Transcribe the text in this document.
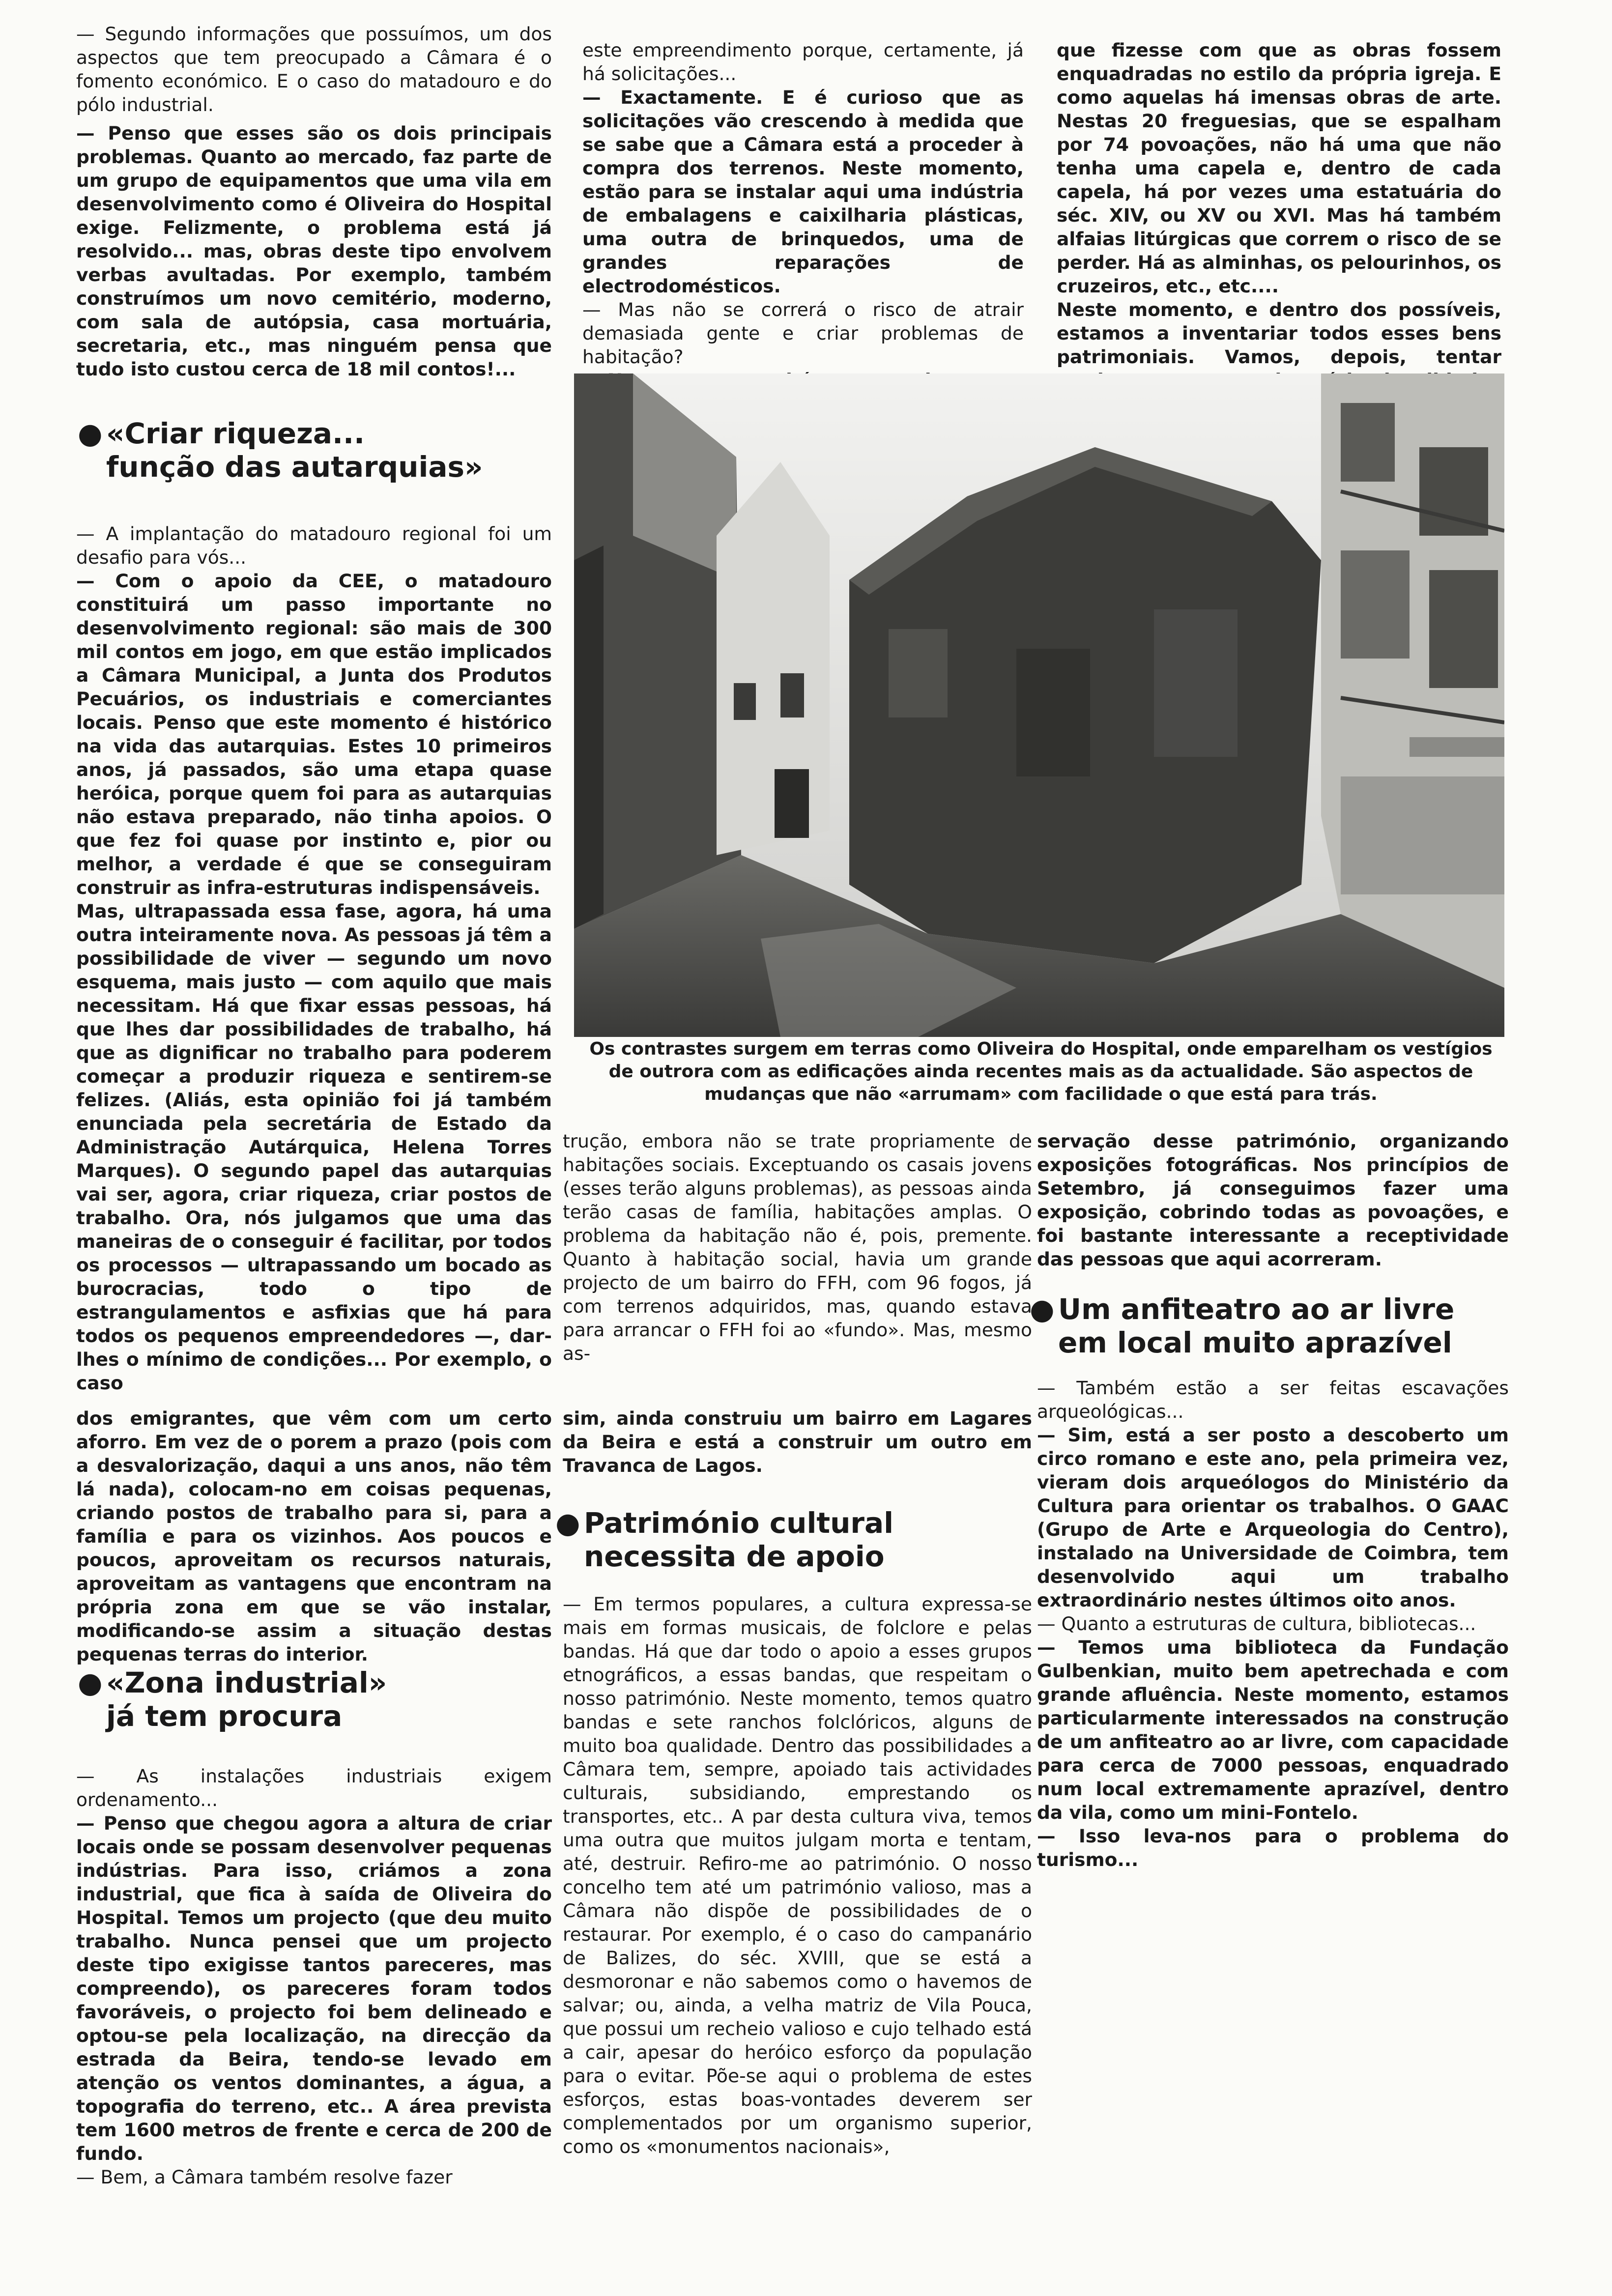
— Segundo informações que possuímos, um dos aspectos que tem preocupado a Câmara é o fomento económico. E o caso do matadouro e do pólo industrial.

— Penso que esses são os dois principais problemas. Quanto ao mercado, faz parte de um grupo de equipamentos que uma vila em desenvolvimento como é Oliveira do Hospital exige. Felizmente, o problema está já resolvido... mas, obras deste tipo envolvem verbas avultadas. Por exemplo, também construímos um novo cemitério, moderno, com sala de autópsia, casa mortuária, secretaria, etc., mas ninguém pensa que tudo isto custou cerca de 18 mil contos!...

● «Criar riqueza...
função das autarquias»

— A implantação do matadouro regional foi um desafio para vós...

— Com o apoio da CEE, o matadouro constituirá um passo importante no desenvolvimento regional: são mais de 300 mil contos em jogo, em que estão implicados a Câmara Municipal, a Junta dos Produtos Pecuários, os industriais e comerciantes locais. Penso que este momento é histórico na vida das autarquias. Estes 10 primeiros anos, já passados, são uma etapa quase heróica, porque quem foi para as autarquias não estava preparado, não tinha apoios. O que fez foi quase por instinto e, pior ou melhor, a verdade é que se conseguiram construir as infra-estruturas indispensáveis.

Mas, ultrapassada essa fase, agora, há uma outra inteiramente nova. As pessoas já têm a possibilidade de viver — segundo um novo esquema, mais justo — com aquilo que mais necessitam. Há que fixar essas pessoas, há que lhes dar possibilidades de trabalho, há que as dignificar no trabalho para poderem começar a produzir riqueza e sentirem-se felizes. (Aliás, esta opinião foi já também enunciada pela secretária de Estado da Administração Autárquica, Helena Torres Marques). O segundo papel das autarquias vai ser, agora, criar riqueza, criar postos de trabalho. Ora, nós julgamos que uma das maneiras de o conseguir é facilitar, por todos os processos — ultrapassando um bocado as burocracias, todo o tipo de estrangulamentos e asfixias que há para todos os pequenos empreendedores —, dar-lhes o mínimo de condições... Por exemplo, o caso

dos emigrantes, que vêm com um certo aforro. Em vez de o porem a prazo (pois com a desvalorização, daqui a uns anos, não têm lá nada), colocam-no em coisas pequenas, criando postos de trabalho para si, para a família e para os vizinhos. Aos poucos e poucos, aproveitam os recursos naturais, aproveitam as vantagens que encontram na própria zona em que se vão instalar, modificando-se assim a situação destas pequenas terras do interior.

● «Zona industrial»
já tem procura

— As instalações industriais exigem ordenamento...

— Penso que chegou agora a altura de criar locais onde se possam desenvolver pequenas indústrias. Para isso, criámos a zona industrial, que fica à saída de Oliveira do Hospital. Temos um projecto (que deu muito trabalho. Nunca pensei que um projecto deste tipo exigisse tantos pareceres, mas compreendo), os pareceres foram todos favoráveis, o projecto foi bem delineado e optou-se pela localização, na direcção da estrada da Beira, tendo-se levado em atenção os ventos dominantes, a água, a topografia do terreno, etc.. A área prevista tem 1600 metros de frente e cerca de 200 de fundo.

— Bem, a Câmara também resolve fazer

este empreendimento porque, certamente, já há solicitações...

— Exactamente. E é curioso que as solicitações vão crescendo à medida que se sabe que a Câmara está a proceder à compra dos terrenos. Neste momento, estão para se instalar aqui uma indústria de embalagens e caixilharia plásticas, uma outra de brinquedos, uma de grandes reparações de electrodomésticos.

— Mas não se correrá o risco de atrair demasiada gente e criar problemas de habitação?

que fizesse com que as obras fossem enquadradas no estilo da própria igreja. E como aquelas há imensas obras de arte. Nestas 20 freguesias, que se espalham por 74 povoações, não há uma que não tenha uma capela e, dentro de cada capela, há por vezes uma estatuária do séc. XIV, ou XV ou XVI. Mas há também alfaias litúrgicas que correm o risco de se perder. Há as alminhas, os pelourinhos, os cruzeiros, etc., etc....

Neste momento, e dentro dos possíveis, estamos a inventariar todos esses bens patrimoniais. Vamos, depois, tentar

Os contrastes surgem em terras como Oliveira do Hospital, onde emparelham os vestígios de outrora com as edificações ainda recentes mais as da actualidade. São aspectos de mudanças que não «arrumam» com facilidade o que está para trás.

trução, embora não se trate propriamente de habitações sociais. Exceptuando os casais jovens (esses terão alguns problemas), as pessoas ainda terão casas de família, habitações amplas. O problema da habitação não é, pois, premente. Quanto à habitação social, havia um grande projecto de um bairro do FFH, com 96 fogos, já com terrenos adquiridos, mas, quando estava para arrancar o FFH foi ao «fundo». Mas, mesmo as-

sim, ainda construiu um bairro em Lagares da Beira e está a construir um outro em Travanca de Lagos.

● Património cultural
necessita de apoio

— Em termos populares, a cultura expressa-se mais em formas musicais, de folclore e pelas bandas. Há que dar todo o apoio a esses grupos etnográficos, a essas bandas, que respeitam o nosso património. Neste momento, temos quatro bandas e sete ranchos folclóricos, alguns de muito boa qualidade. Dentro das possibilidades a Câmara tem, sempre, apoiado tais actividades culturais, subsidiando, emprestando os transportes, etc.. A par desta cultura viva, temos uma outra que muitos julgam morta e tentam, até, destruir. Refiro-me ao património. O nosso concelho tem até um património valioso, mas a Câmara não dispõe de possibilidades de o restaurar. Por exemplo, é o caso do campanário de Balizes, do séc. XVIII, que se está a desmoronar e não sabemos como o havemos de salvar; ou, ainda, a velha matriz de Vila Pouca, que possui um recheio valioso e cujo telhado está a cair, apesar do heróico esforço da população para o evitar. Põe-se aqui o problema de estes esforços, estas boas-vontades deverem ser complementados por um organismo superior, como os «monumentos nacionais»,

servação desse património, organizando exposições fotográficas. Nos princípios de Setembro, já conseguimos fazer uma exposição, cobrindo todas as povoações, e foi bastante interessante a receptividade das pessoas que aqui acorreram.

● Um anfiteatro ao ar livre
em local muito aprazível

— Também estão a ser feitas escavações arqueológicas...

— Sim, está a ser posto a descoberto um circo romano e este ano, pela primeira vez, vieram dois arqueólogos do Ministério da Cultura para orientar os trabalhos. O GAAC (Grupo de Arte e Arqueologia do Centro), instalado na Universidade de Coimbra, tem desenvolvido aqui um trabalho extraordinário nestes últimos oito anos.

— Quanto a estruturas de cultura, bibliotecas...

— Temos uma biblioteca da Fundação Gulbenkian, muito bem apetrechada e com grande afluência. Neste momento, estamos particularmente interessados na construção de um anfiteatro ao ar livre, com capacidade para cerca de 7000 pessoas, enquadrado num local extremamente aprazível, dentro da vila, como um mini-Fontelo.

— Isso leva-nos para o problema do turismo...
